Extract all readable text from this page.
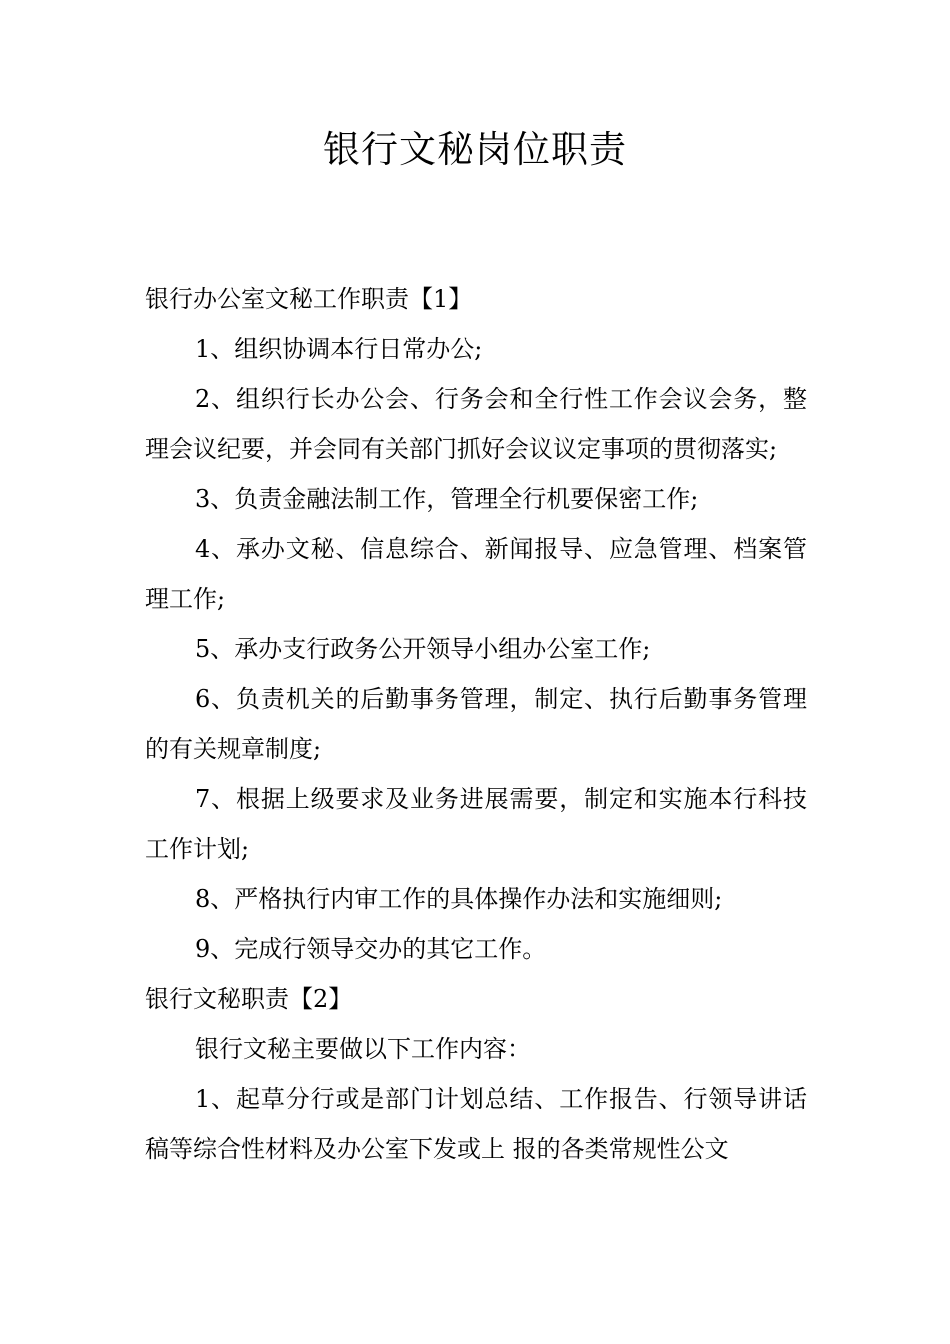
银行文秘岗位职责

银行办公室文秘工作职责【1】

1、组织协调本行日常办公;

2、组织行长办公会、行务会和全行性工作会议会务，整理会议纪要，并会同有关部门抓好会议议定事项的贯彻落实;

3、负责金融法制工作，管理全行机要保密工作;

4、承办文秘、信息综合、新闻报导、应急管理、档案管理工作;

5、承办支行政务公开领导小组办公室工作;

6、负责机关的后勤事务管理，制定、执行后勤事务管理的有关规章制度;

7、根据上级要求及业务进展需要，制定和实施本行科技工作计划;

8、严格执行内审工作的具体操作办法和实施细则;

9、完成行领导交办的其它工作。

银行文秘职责【2】

银行文秘主要做以下工作内容：

1、起草分行或是部门计划总结、工作报告、行领导讲话稿等综合性材料及办公室下发或上 报的各类常规性公文
